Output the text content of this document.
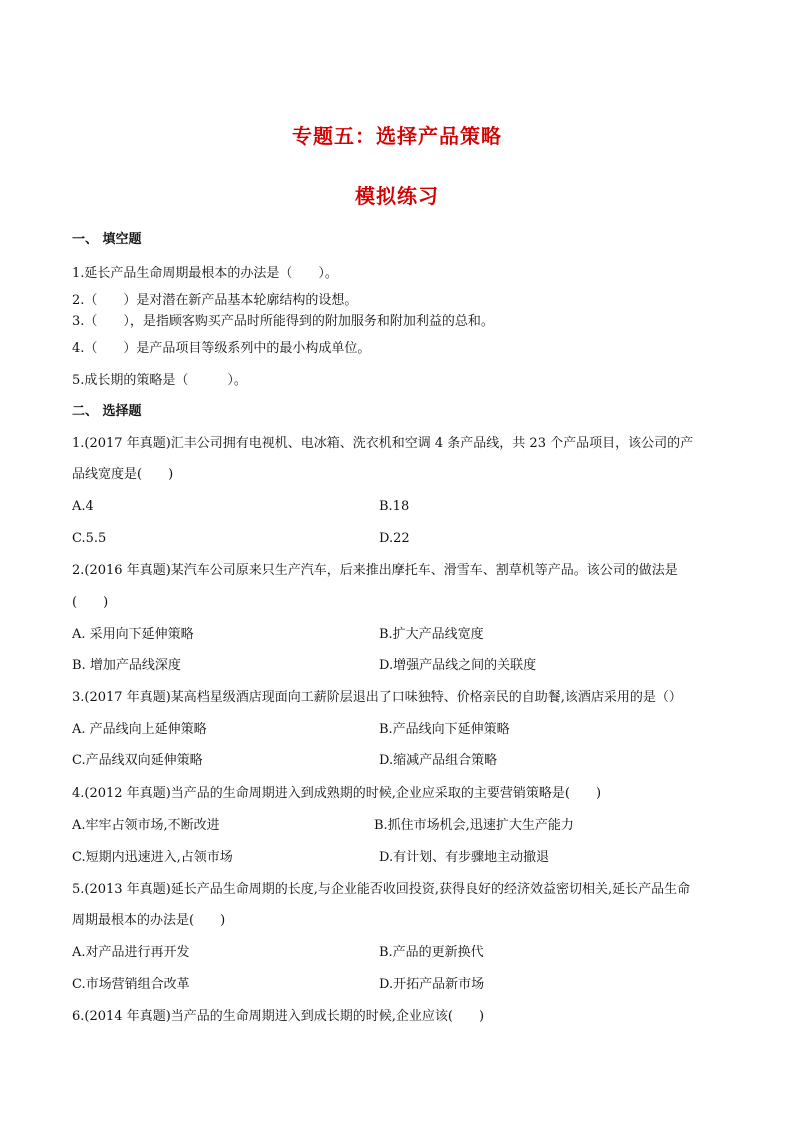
专题五：选择产品策略
模拟练习
一、 填空题
1.延长产品生命周期最根本的办法是（　　）。
2.（　　）是对潜在新产品基本轮廓结构的设想。
3.（　　），是指顾客购买产品时所能得到的附加服务和附加利益的总和。
4.（　　）是产品项目等级系列中的最小构成单位。
5.成长期的策略是（　　　）。
二、 选择题
1.(2017 年真题)汇丰公司拥有电视机、电冰箱、洗衣机和空调 4 条产品线，共 23 个产品项目，该公司的产
品线宽度是(　　)
A.4	B.18
C.5.5	D.22
2.(2016 年真题)某汽车公司原来只生产汽车，后来推出摩托车、滑雪车、割草机等产品。该公司的做法是
(　　)
A. 采用向下延伸策略	B.扩大产品线宽度
B. 增加产品线深度	D.增强产品线之间的关联度
3.(2017 年真题)某高档星级酒店现面向工薪阶层退出了口味独特、价格亲民的自助餐,该酒店采用的是（）
A. 产品线向上延伸策略	B.产品线向下延伸策略
C.产品线双向延伸策略	D.缩减产品组合策略
4.(2012 年真题)当产品的生命周期进入到成熟期的时候,企业应采取的主要营销策略是(　　)
A.牢牢占领市场,不断改进	B.抓住市场机会,迅速扩大生产能力
C.短期内迅速进入,占领市场	D.有计划、有步骤地主动撤退
5.(2013 年真题)延长产品生命周期的长度,与企业能否收回投资,获得良好的经济效益密切相关,延长产品生命
周期最根本的办法是(　　)
A.对产品进行再开发	B.产品的更新换代
C.市场营销组合改革	D.开拓产品新市场
6.(2014 年真题)当产品的生命周期进入到成长期的时候,企业应该(　　)
